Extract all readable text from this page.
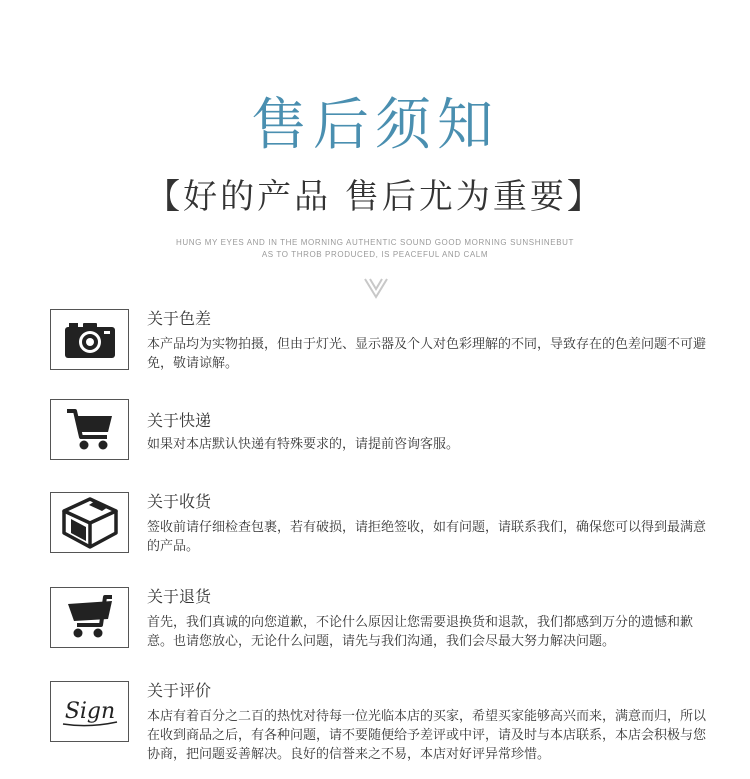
售后须知
【好的产品 售后尤为重要】
HUNG MY EYES AND IN THE MORNING AUTHENTIC SOUND GOOD MORNING SUNSHINEBUT
AS TO THROB PRODUCED, IS PEACEFUL AND CALM
关于色差
本产品均为实物拍摄，但由于灯光、显示器及个人对色彩理解的不同，导致存在的色差问题不可避免，敬请谅解。
关于快递
如果对本店默认快递有特殊要求的，请提前咨询客服。
关于收货
签收前请仔细检查包裹，若有破损，请拒绝签收，如有问题，请联系我们，确保您可以得到最满意的产品。
关于退货
首先，我们真诚的向您道歉，不论什么原因让您需要退换货和退款，我们都感到万分的遗憾和歉意。也请您放心，无论什么问题，请先与我们沟通，我们会尽最大努力解决问题。
Sign
关于评价
本店有着百分之二百的热忱对待每一位光临本店的买家，希望买家能够高兴而来，满意而归，所以在收到商品之后，有各种问题，请不要随便给予差评或中评，请及时与本店联系，本店会积极与您协商，把问题妥善解决。良好的信誉来之不易，本店对好评异常珍惜。
